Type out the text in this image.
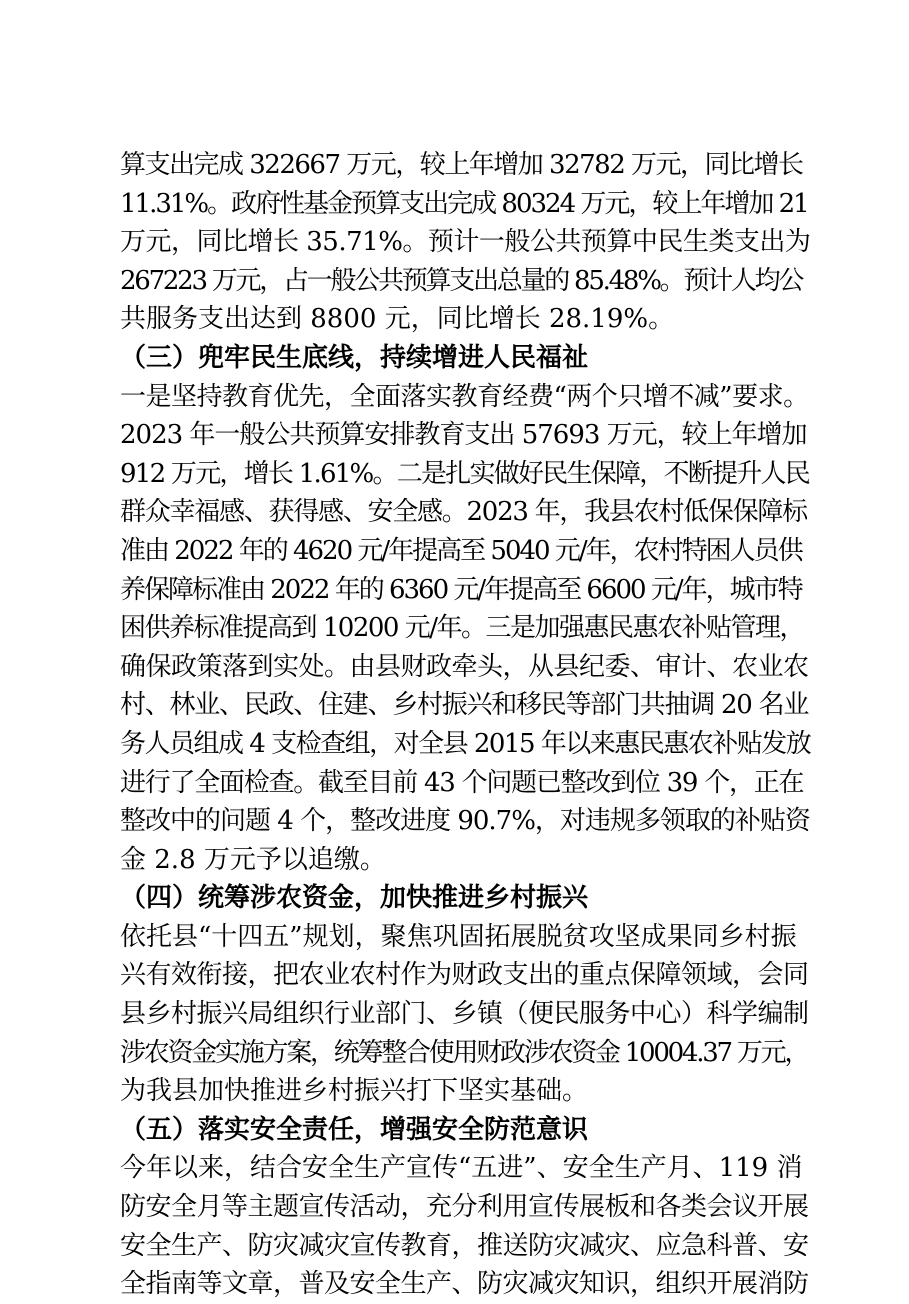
算支出完成 322667 万元，较上年增加 32782 万元，同比增长
11.31%。政府性基金预算支出完成 80324 万元，较上年增加 21
万元，同比增长 35.71%。预计一般公共预算中民生类支出为
267223 万元，占一般公共预算支出总量的 85.48%。预计人均公
共服务支出达到 8800 元，同比增长 28.19%。
（三）兜牢民生底线，持续增进人民福祉
一是坚持教育优先，全面落实教育经费“两个只增不减”要求。
2023 年一般公共预算安排教育支出 57693 万元，较上年增加
912 万元，增长 1.61%。二是扎实做好民生保障，不断提升人民
群众幸福感、获得感、安全感。2023 年，我县农村低保保障标
准由 2022 年的 4620 元/年提高至 5040 元/年，农村特困人员供
养保障标准由 2022 年的 6360 元/年提高至 6600 元/年，城市特
困供养标准提高到 10200 元/年。三是加强惠民惠农补贴管理，
确保政策落到实处。由县财政牵头，从县纪委、审计、农业农
村、林业、民政、住建、乡村振兴和移民等部门共抽调 20 名业
务人员组成 4 支检查组，对全县 2015 年以来惠民惠农补贴发放
进行了全面检查。截至目前 43 个问题已整改到位 39 个，正在
整改中的问题 4 个，整改进度 90.7%，对违规多领取的补贴资
金 2.8 万元予以追缴。
（四）统筹涉农资金，加快推进乡村振兴
依托县“十四五”规划，聚焦巩固拓展脱贫攻坚成果同乡村振
兴有效衔接，把农业农村作为财政支出的重点保障领域，会同
县乡村振兴局组织行业部门、乡镇（便民服务中心）科学编制
涉农资金实施方案，统筹整合使用财政涉农资金 10004.37 万元，
为我县加快推进乡村振兴打下坚实基础。
（五）落实安全责任，增强安全防范意识
今年以来，结合安全生产宣传“五进”、安全生产月、119 消
防安全月等主题宣传活动，充分利用宣传展板和各类会议开展
安全生产、防灾减灾宣传教育，推送防灾减灾、应急科普、安
全指南等文章，普及安全生产、防灾减灾知识，组织开展消防
